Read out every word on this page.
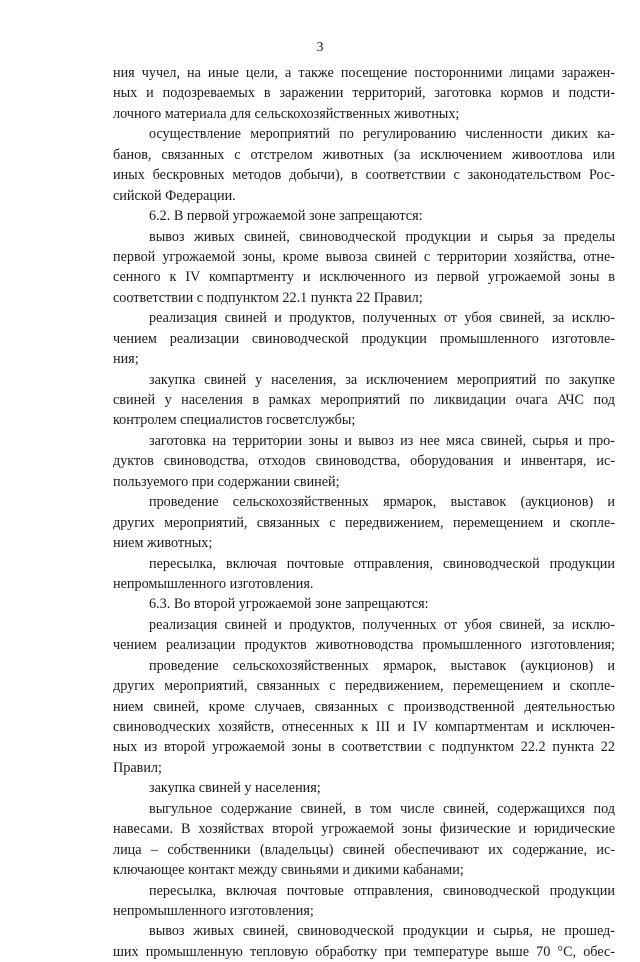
3
ния чучел, на иные цели, а также посещение посторонними лицами заражен-
ных и подозреваемых в заражении территорий, заготовка кормов и подсти-
лочного материала для сельскохозяйственных животных;
осуществление мероприятий по регулированию численности диких ка-
банов, связанных с отстрелом животных (за исключением живоотлова или
иных бескровных методов добычи), в соответствии с законодательством Рос-
сийской Федерации.
6.2. В первой угрожаемой зоне запрещаются:
вывоз живых свиней, свиноводческой продукции и сырья за пределы
первой угрожаемой зоны, кроме вывоза свиней с территории хозяйства, отне-
сенного к IV компартменту и исключенного из первой угрожаемой зоны в
соответствии с подпунктом 22.1 пункта 22 Правил;
реализация свиней и продуктов, полученных от убоя свиней, за исклю-
чением реализации свиноводческой продукции промышленного изготовле-
ния;
закупка свиней у населения, за исключением мероприятий по закупке
свиней у населения в рамках мероприятий по ликвидации очага АЧС под
контролем специалистов госветслужбы;
заготовка на территории зоны и вывоз из нее мяса свиней, сырья и про-
дуктов свиноводства, отходов свиноводства, оборудования и инвентаря, ис-
пользуемого при содержании свиней;
проведение сельскохозяйственных ярмарок, выставок (аукционов) и
других мероприятий, связанных с передвижением, перемещением и скопле-
нием животных;
пересылка, включая почтовые отправления, свиноводческой продукции
непромышленного изготовления.
6.3. Во второй угрожаемой зоне запрещаются:
реализация свиней и продуктов, полученных от убоя свиней, за исклю-
чением реализации продуктов животноводства промышленного изготовления;
проведение сельскохозяйственных ярмарок, выставок (аукционов) и
других мероприятий, связанных с передвижением, перемещением и скопле-
нием свиней, кроме случаев, связанных с производственной деятельностью
свиноводческих хозяйств, отнесенных к III и IV компартментам и исключен-
ных из второй угрожаемой зоны в соответствии с подпунктом 22.2 пункта 22
Правил;
закупка свиней у населения;
выгульное содержание свиней, в том числе свиней, содержащихся под
навесами. В хозяйствах второй угрожаемой зоны физические и юридические
лица – собственники (владельцы) свиней обеспечивают их содержание, ис-
ключающее контакт между свиньями и дикими кабанами;
пересылка, включая почтовые отправления, свиноводческой продукции
непромышленного изготовления;
вывоз живых свиней, свиноводческой продукции и сырья, не прошед-
ших промышленную тепловую обработку при температуре выше 70 °С, обес-
